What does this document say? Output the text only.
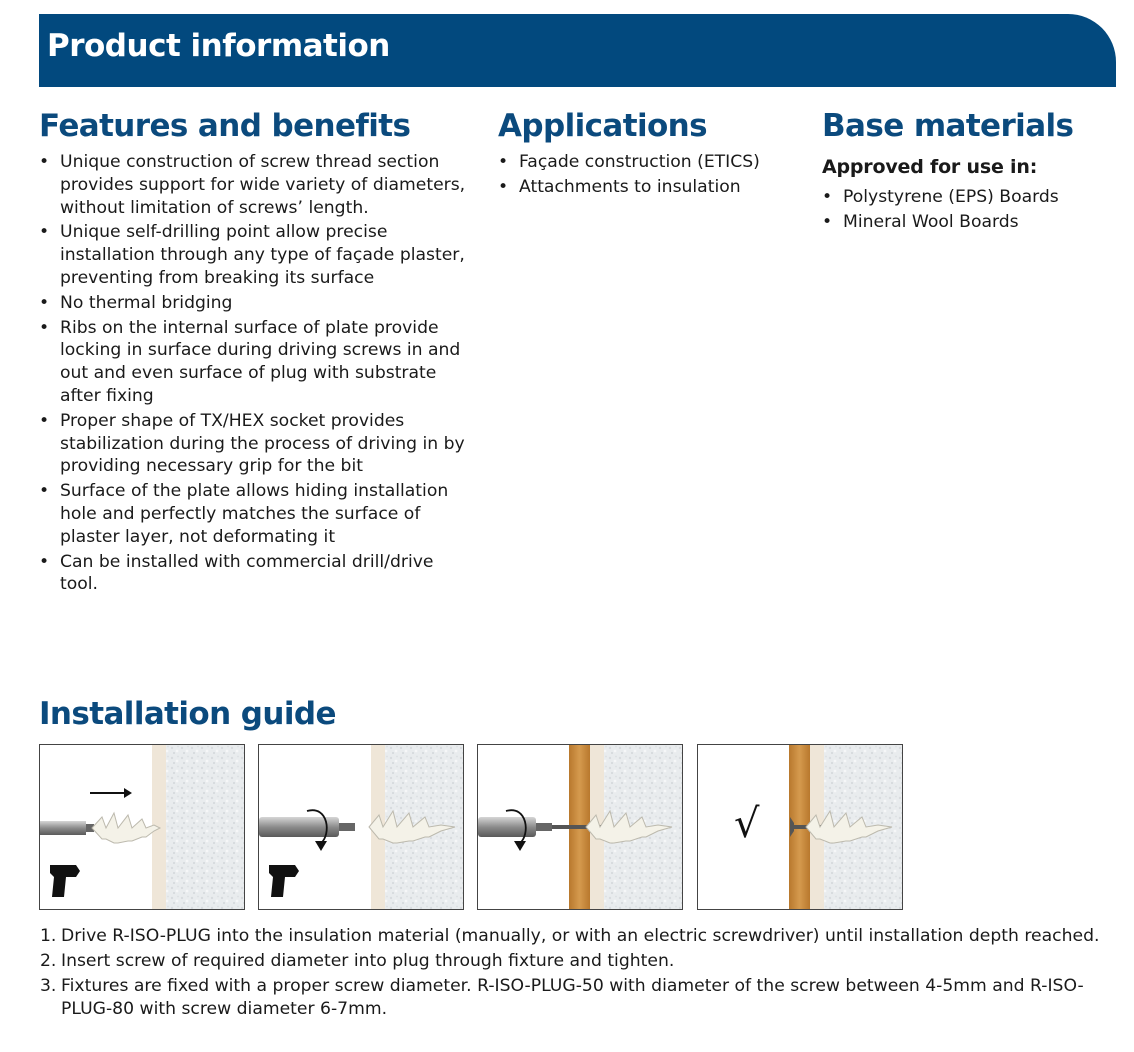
Product information
Features and benefits
• Unique construction of screw thread section provides support for wide variety of diameters, without limitation of screws’ length.
• Unique self-drilling point allow precise installation through any type of façade plaster, preventing from breaking its surface
• No thermal bridging
• Ribs on the internal surface of plate provide locking in surface during driving screws in and out and even surface of plug with substrate after fixing
• Proper shape of TX/HEX socket provides stabilization during the process of driving in by providing necessary grip for the bit
• Surface of the plate allows hiding installation hole and perfectly matches the surface of plaster layer, not deformating it
• Can be installed with commercial drill/drive tool.
Applications
• Façade construction (ETICS)
• Attachments to insulation
Base materials
Approved for use in:
• Polystyrene (EPS) Boards
• Mineral Wool Boards
Installation guide
√
1. Drive R-ISO-PLUG into the insulation material (manually, or with an electric screwdriver) until installation depth reached.
2. Insert screw of required diameter into plug through fixture and tighten.
3. Fixtures are fixed with a proper screw diameter. R-ISO-PLUG-50 with diameter of the screw between 4-5mm and R-ISO-PLUG-80 with screw diameter 6-7mm.
